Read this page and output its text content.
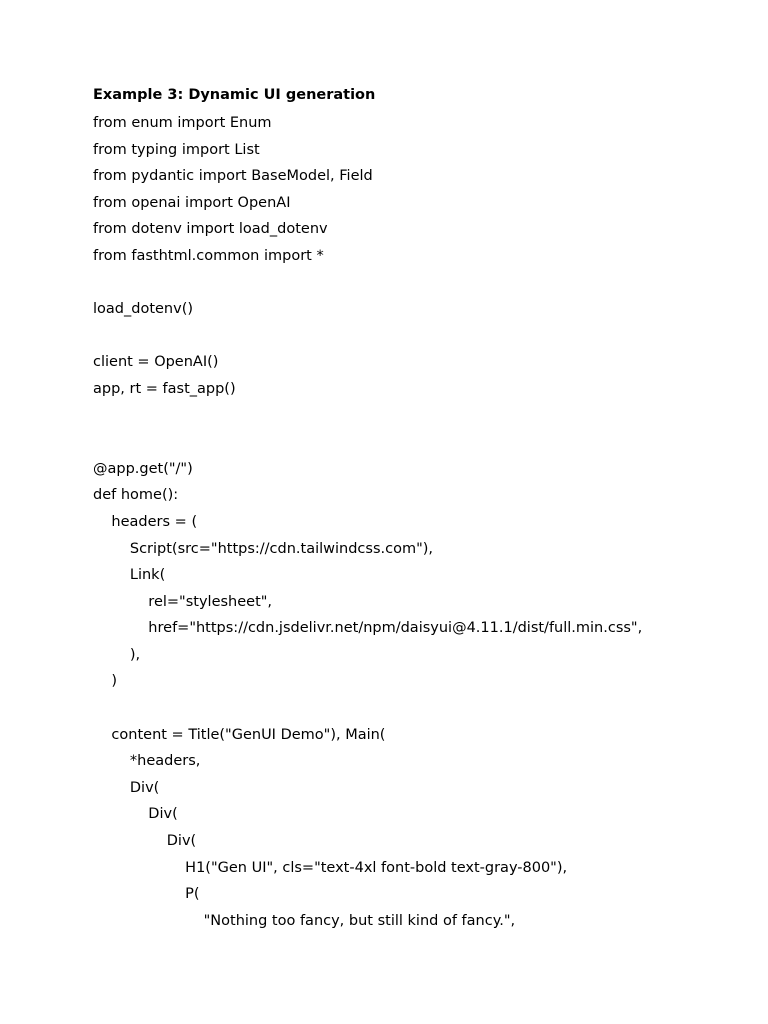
Example 3: Dynamic UI generation
from enum import Enum
from typing import List
from pydantic import BaseModel, Field
from openai import OpenAI
from dotenv import load_dotenv
from fasthtml.common import *
load_dotenv()
client = OpenAI()
app, rt = fast_app()
@app.get("/")
def home():
headers = (
Script(src="https://cdn.tailwindcss.com"),
Link(
rel="stylesheet",
href="https://cdn.jsdelivr.net/npm/daisyui@4.11.1/dist/full.min.css",
),
)
content = Title("GenUI Demo"), Main(
*headers,
Div(
Div(
Div(
H1("Gen UI", cls="text-4xl font-bold text-gray-800"),
P(
"Nothing too fancy, but still kind of fancy.",
